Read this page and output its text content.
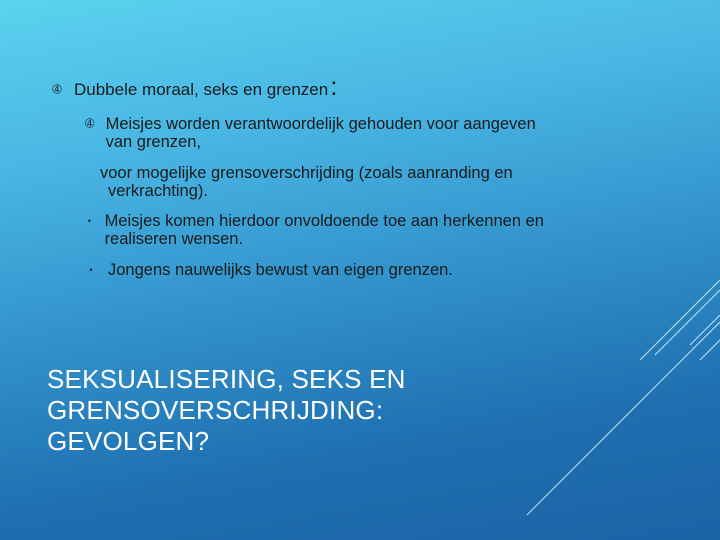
➃ Dubbele moraal, seks en grenzen :
➃ Meisjes worden verantwoordelijk gehouden voor aangeven van grenzen,
voor mogelijke grensoverschrijding (zoals aanranding en
verkrachting).
• Meisjes komen hierdoor onvoldoende toe aan herkennen en realiseren wensen.
• Jongens nauwelijks bewust van eigen grenzen.
SEKSUALISERING, SEKS EN
GRENSOVERSCHRIJDING:
GEVOLGEN?
